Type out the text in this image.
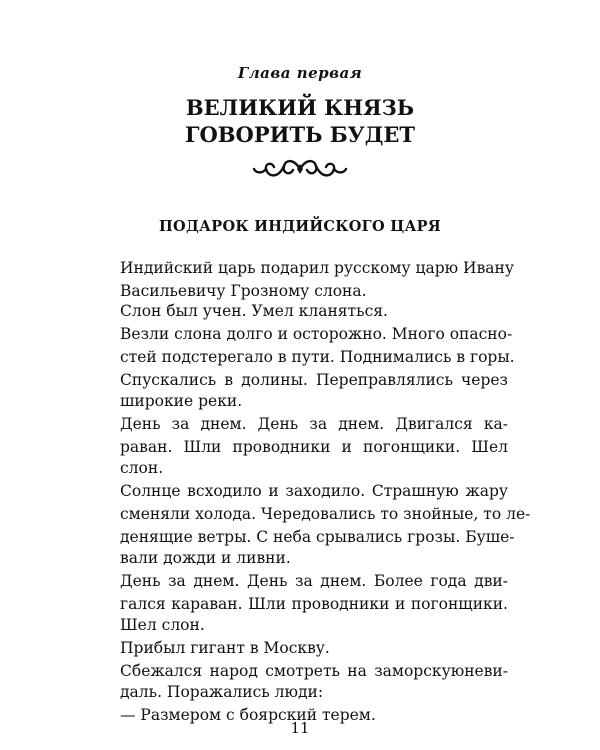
Глава первая
ВЕЛИКИЙ КНЯЗЬ
ГОВОРИТЬ БУДЕТ
ПОДАРОК ИНДИЙСКОГО ЦАРЯ
Индийский царь подарил русскому царю Ивану
Васильевичу Грозному слона.
Слон был учен. Умел кланяться.
Везли слона долго и осторожно. Много опасно-
стей подстерегало в пути. Поднимались в горы.
Спускались в долины. Переправлялись через
широкие реки.
День за днем. День за днем. Двигался ка-
раван. Шли проводники и погонщики. Шел
слон.
Солнце всходило и заходило. Страшную жару
сменяли холода. Чередовались то знойные, то ле-
денящие ветры. С неба срывались грозы. Буше-
вали дожди и ливни.
День за днем. День за днем. Более года дви-
гался караван. Шли проводники и погонщики.
Шел слон.
Прибыл гигант в Москву.
Сбежался народ смотреть на заморскуюневи-
даль. Поражались люди:
— Размером с боярский терем.
11
